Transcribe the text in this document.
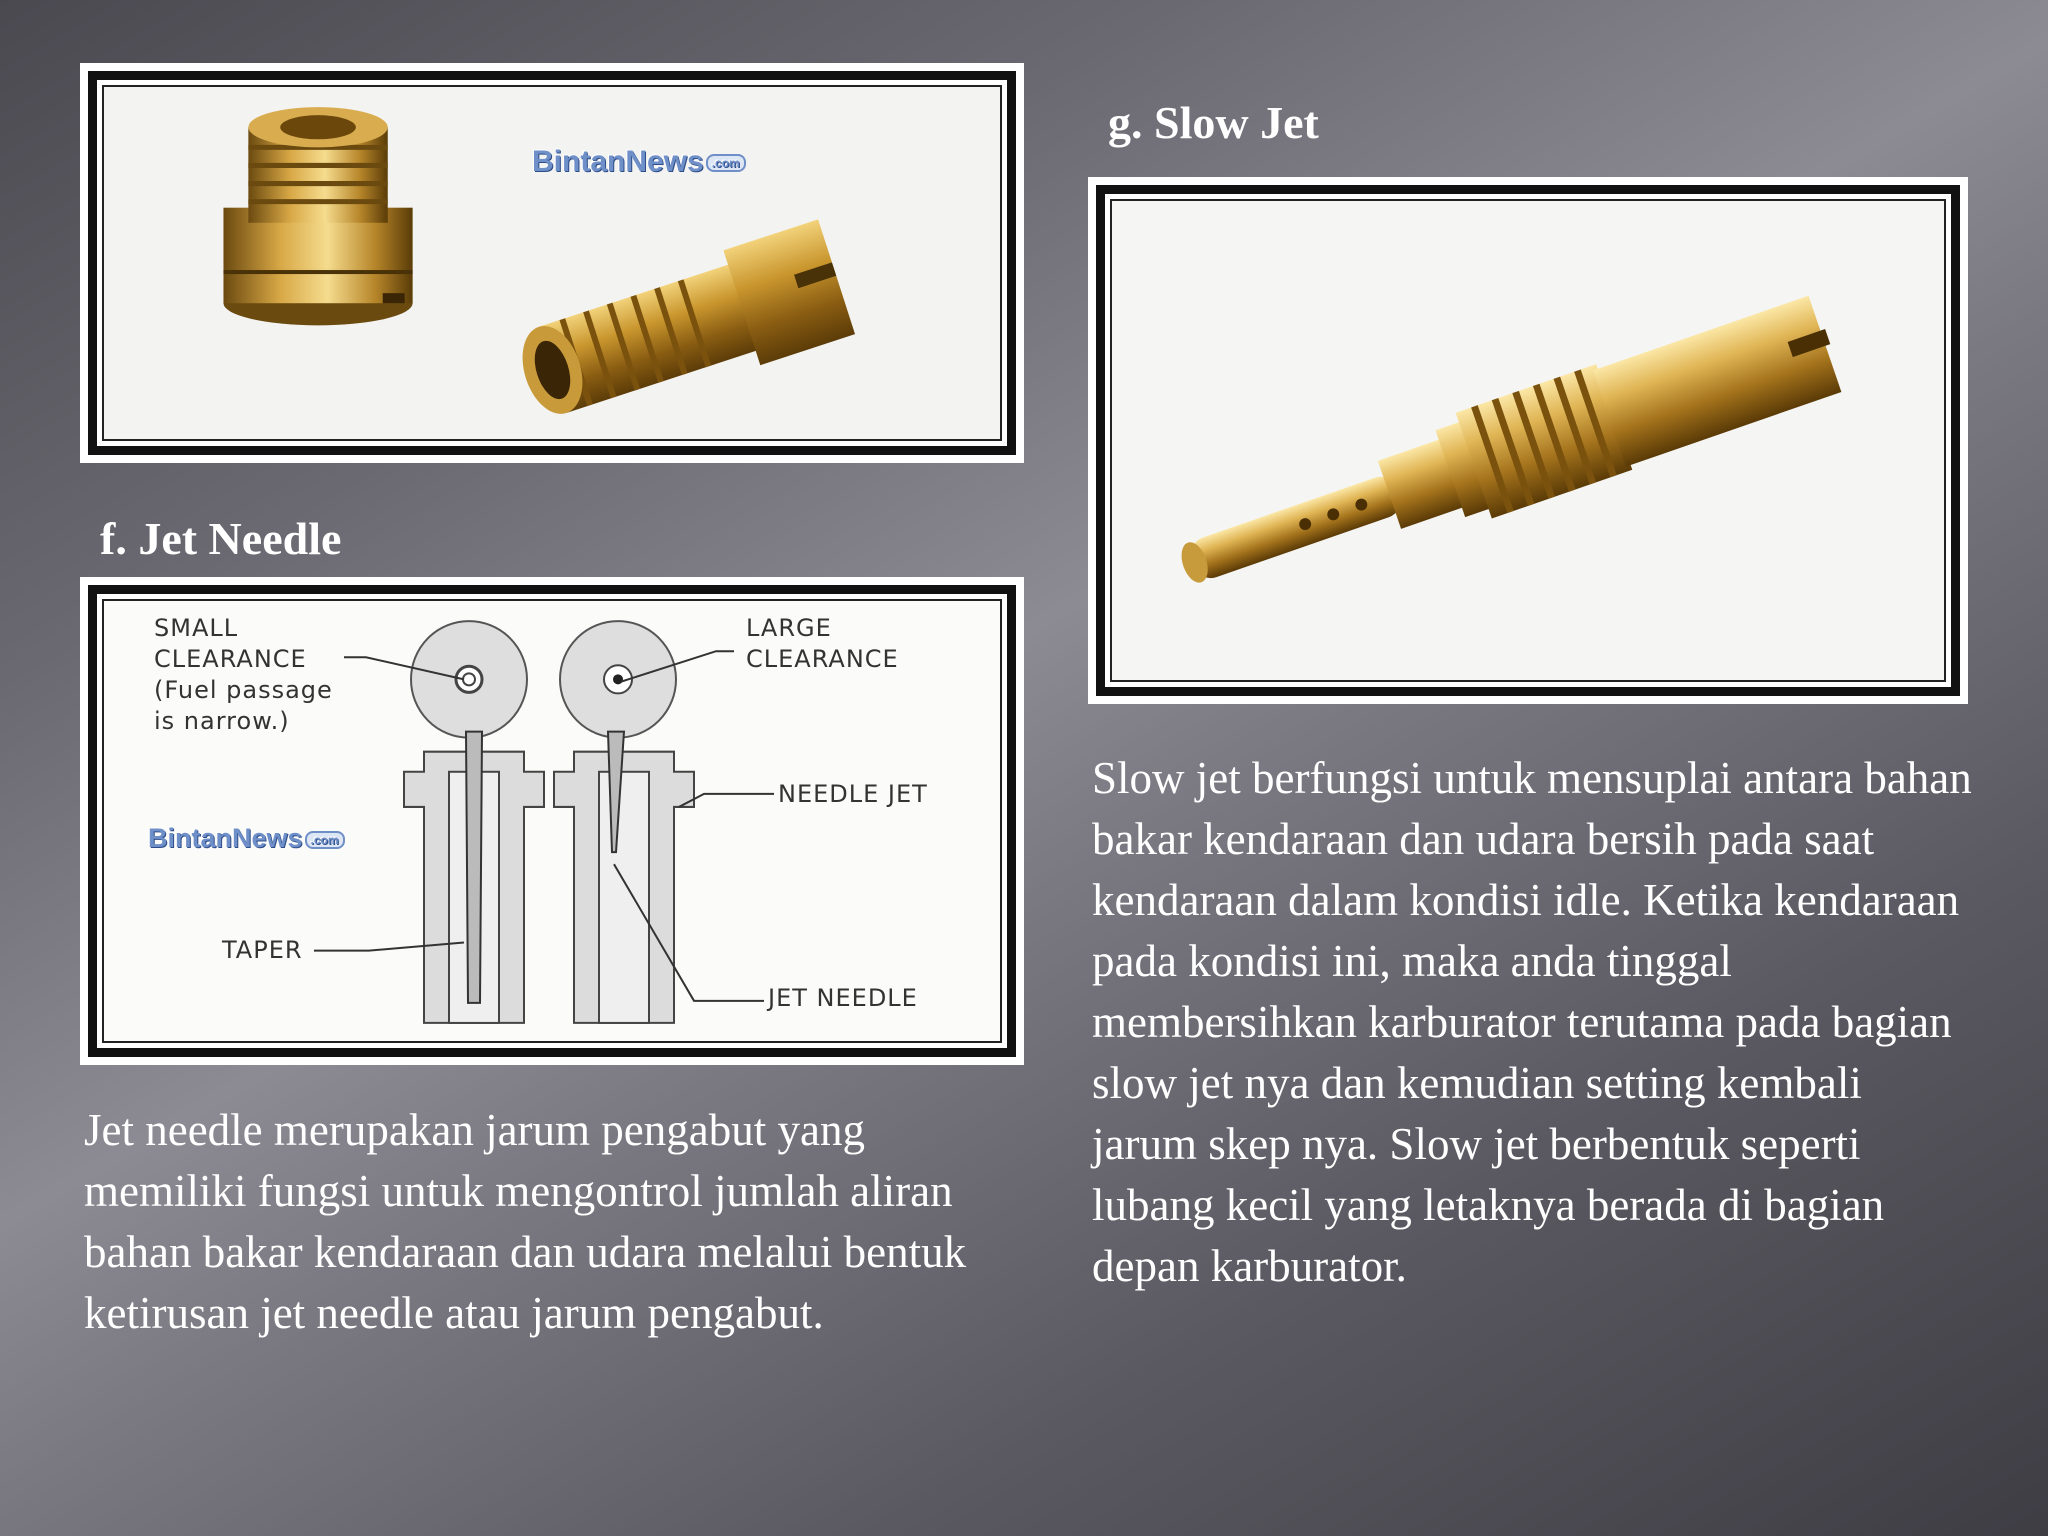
BintanNews .com
f. Jet Needle
SMALL
CLEARANCE
(Fuel passage
is narrow.)
LARGE
CLEARANCE
NEEDLE JET
TAPER
JET NEEDLE
BintanNews .com

Jet needle merupakan jarum pengabut yang memiliki fungsi untuk mengontrol jumlah aliran bahan bakar kendaraan dan udara melalui bentuk ketirusan jet needle atau jarum pengabut.

g. Slow Jet

Slow jet berfungsi untuk mensuplai antara bahan bakar kendaraan dan udara bersih pada saat kendaraan dalam kondisi idle. Ketika kendaraan pada kondisi ini, maka anda tinggal membersihkan karburator terutama pada bagian slow jet nya dan kemudian setting kembali jarum skep nya. Slow jet berbentuk seperti lubang kecil yang letaknya berada di bagian depan karburator.
